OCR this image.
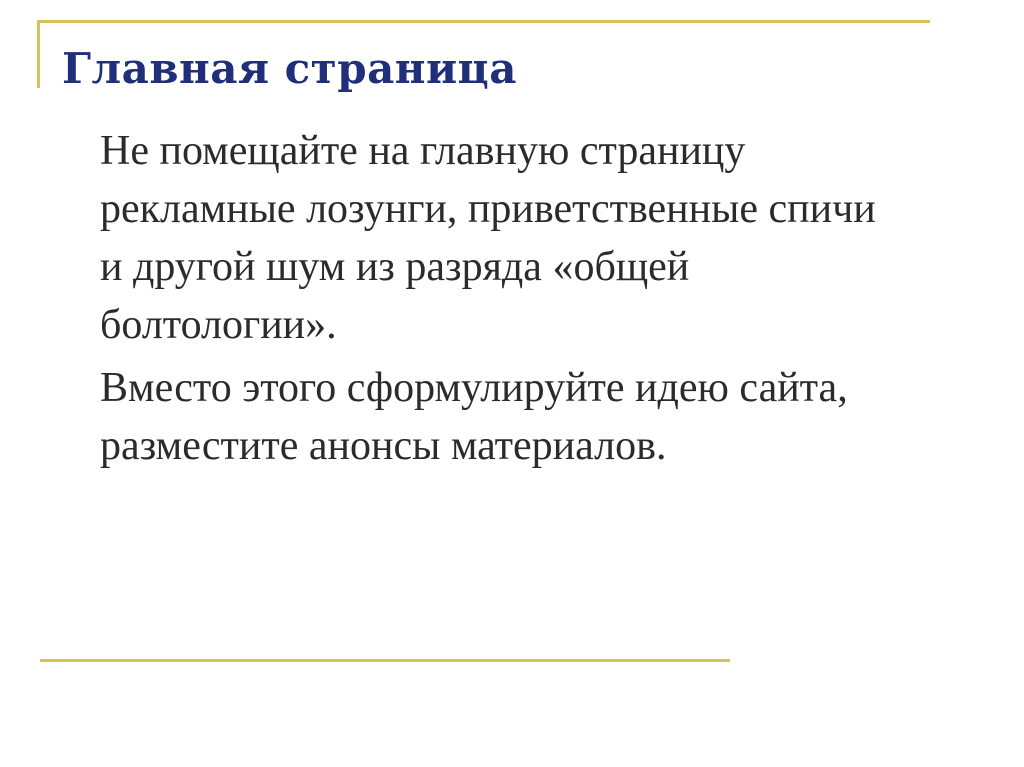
Главная страница

Не помещайте на главную страницу рекламные лозунги, приветственные спичи и другой шум из разряда «общей болтологии».

Вместо этого сформулируйте идею сайта, разместите анонсы материалов.
